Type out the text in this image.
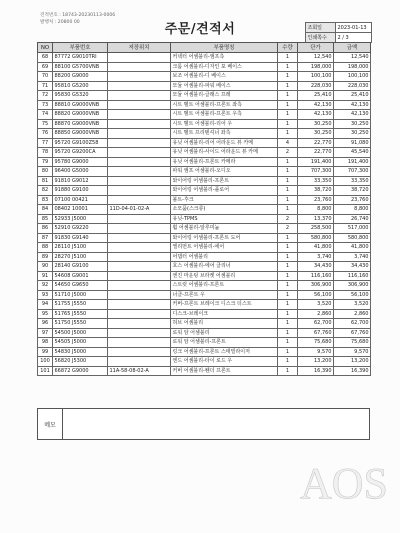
견적번호 : 18743-20230113-0006
발행처 : 20800 00	주문/견적서	조회일	2023-01-13
인쇄쪽수	2 / 3
NO	부품번호	저장위치	부품명칭	수량	단가	금액
68	87772 G9010TRI		커넥터 어셈블리-앰프측	1	12,540	12,540
69	88100 G5700VNB		크롬 어셈블리-디자인 포 베이스	1	198,000	198,000
70	88200 G9000		보조 어셈블리-디 베이스	1	100,100	100,100
71	95810 G5200		모듈 어셈블리-파워 베이스	1	228,030	228,030
72	95830 G5320		모듈 어셈블리-글래스 프레	1	25,410	25,410
73	88810 G9000VNB		시트 벨트 어셈블리-프론트 좌측	1	42,130	42,130
74	88820 G9000VNB		시트 벨트 어셈블리-프론트 우측	1	42,130	42,130
75	88870 G9000VNB		시트 벨트 어셈블리-리어 우	1	30,250	30,250
76	88850 G9000VNB		시트 벨트 프리텐셔너 좌측	1	30,250	30,250
77	95720 G9100Z58		유닛 어셈블리-리어 어라운드 뷰 카메	4	22,770	91,080
78	95720 G9200CA		유닛 어셈블리-사이드 어라운드 뷰 카메	2	22,770	45,540
79	95780 G9000		유닛 어셈블리-프론트 카메라	1	191,400	191,400
80	96400 G5000		파워 앰프 어셈블리-오디오	1	707,300	707,300
81	91810 G9012		와이어링 어셈블리-프론트	1	33,350	33,350
82	91880 G9100		와이어링 어셈블리-플로어	1	38,720	38,720
83	07100 00421		볼트-후크	1	23,760	23,760
84	08402 10001	11D-04-01-02-A	소모품(스크류)	1	8,800	8,800
85	52933 J5000		유닛-TPMS	2	13,370	26,740
86	52910 G9220		휠 어셈블리-알루미늄	2	258,500	517,000
87	91830 G9140		와이어링 어셈블리-프론트 도어	1	580,800	580,800
88	28110 J5100		엘리먼트 어셈블리-에어	1	41,800	41,800
89	28270 J5100		어댑터 어셈블리	1	3,740	3,740
90	28140 G9100		호스 어셈블리-에어 클리너	1	34,430	34,430
91	54608 G9001		엔진 마운팅 브라켓 어셈블리	1	116,160	116,160
92	54650 G9650		스트럿 어셈블리-프론트	1	306,900	306,900
93	51710 J5000		너클-프론트 우	1	56,100	56,100
94	51755 J5550		커버-프론트 브레이크 디스크 더스트	1	3,520	3,520
95	51765 J5550		디스크-브레이크	1	2,860	2,860
96	51750 J5550		허브 어셈블리	1	62,700	62,700
97	54500 J5000		로워 암 어셈블리	1	67,760	67,760
98	54505 J5000		로워 암 어셈블리-프론트	1	75,680	75,680
99	54830 J5000		링크 어셈블리-프론트 스태빌라이저	1	9,570	9,570
100	56820 J5300		엔드 어셈블리-타이 로드 우	1	13,200	13,200
101	66872 G9000	11A-58-08-02-A	커버 어셈블리-휀더 프론트	1	16,390	16,390
메모
AOS
